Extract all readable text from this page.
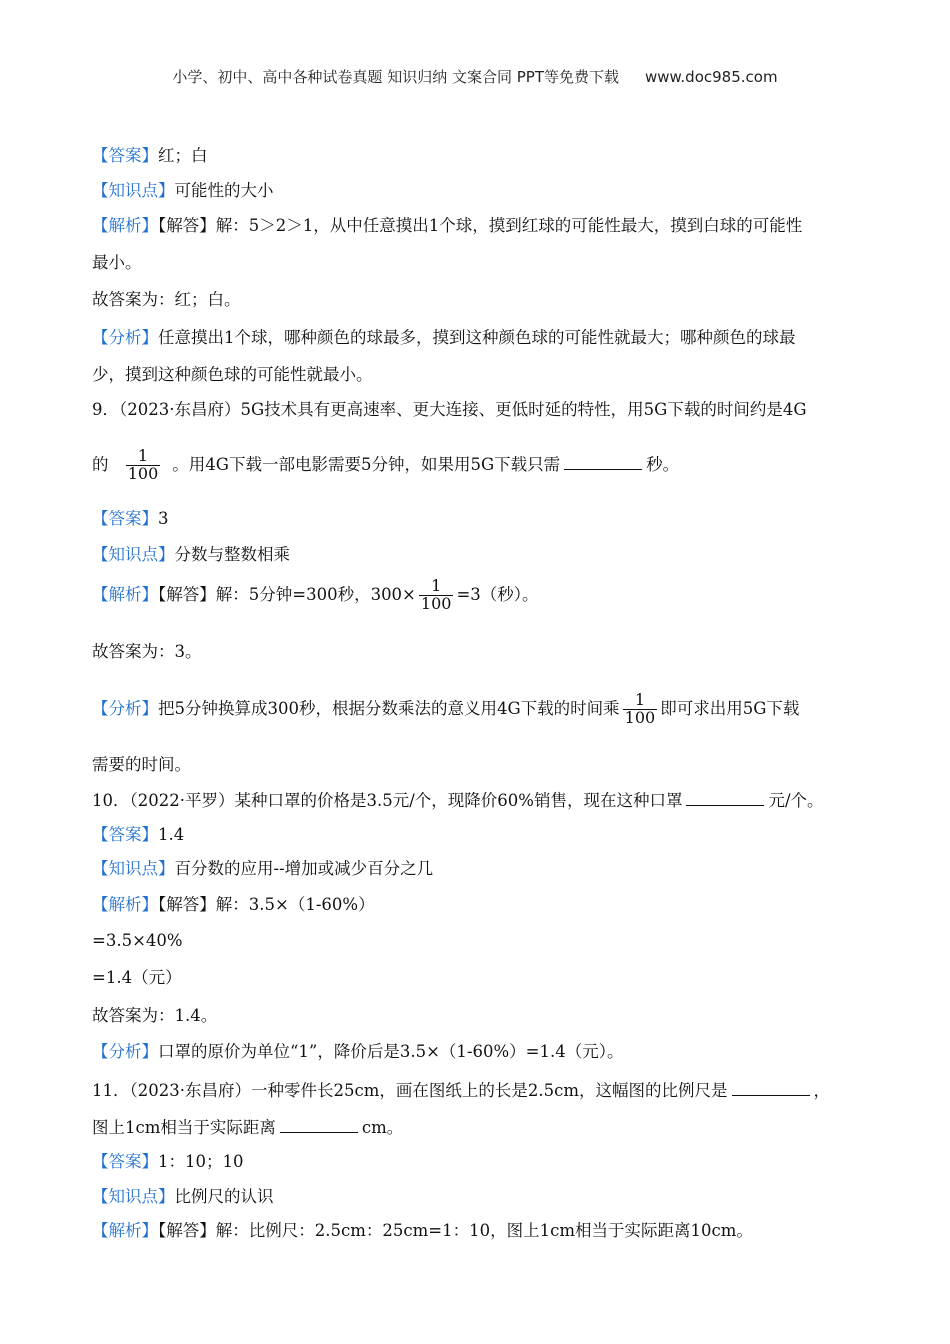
小学、初中、高中各种试卷真题 知识归纳 文案合同 PPT等免费下载 www.doc985.com
【答案】红；白
【知识点】可能性的大小
【解析】【解答】解：5＞2＞1，从中任意摸出1个球，摸到红球的可能性最大，摸到白球的可能性
最小。
故答案为：红；白。
【分析】任意摸出1个球，哪种颜色的球最多，摸到这种颜色球的可能性就最大；哪种颜色的球最
少，摸到这种颜色球的可能性就最小。
9．（2023·东昌府）5G技术具有更高速率、更大连接、更低时延的特性，用5G下载的时间约是4G
的 $\frac{1}{100}$ 。用4G下载一部电影需要5分钟，如果用5G下载只需	秒。
【答案】3
【知识点】分数与整数相乘
【解析】【解答】解：5分钟=300秒，$300\times \frac{1}{100} =3$（秒）。
故答案为：3。
【分析】把5分钟换算成300秒，根据分数乘法的意义用4G下载的时间乘 $\frac{1}{100}$ 即可求出用5G下载
需要的时间。
10．（2022·平罗）某种口罩的价格是3.5元/个，现降价60%销售，现在这种口罩	元/个。
【答案】1.4
【知识点】百分数的应用--增加或减少百分之几
【解析】【解答】解：3.5×（1-60%）
=3.5×40%
=1.4（元）
故答案为：1.4。
【分析】口罩的原价为单位“1”，降价后是3.5×（1-60%）=1.4（元）。
11．（2023·东昌府）一种零件长25cm，画在图纸上的长是2.5cm，这幅图的比例尺是	，
图上1cm相当于实际距离	cm。
【答案】1：10；10
【知识点】比例尺的认识
【解析】【解答】解：比例尺：2.5cm：25cm=1：10，图上1cm相当于实际距离10cm。
